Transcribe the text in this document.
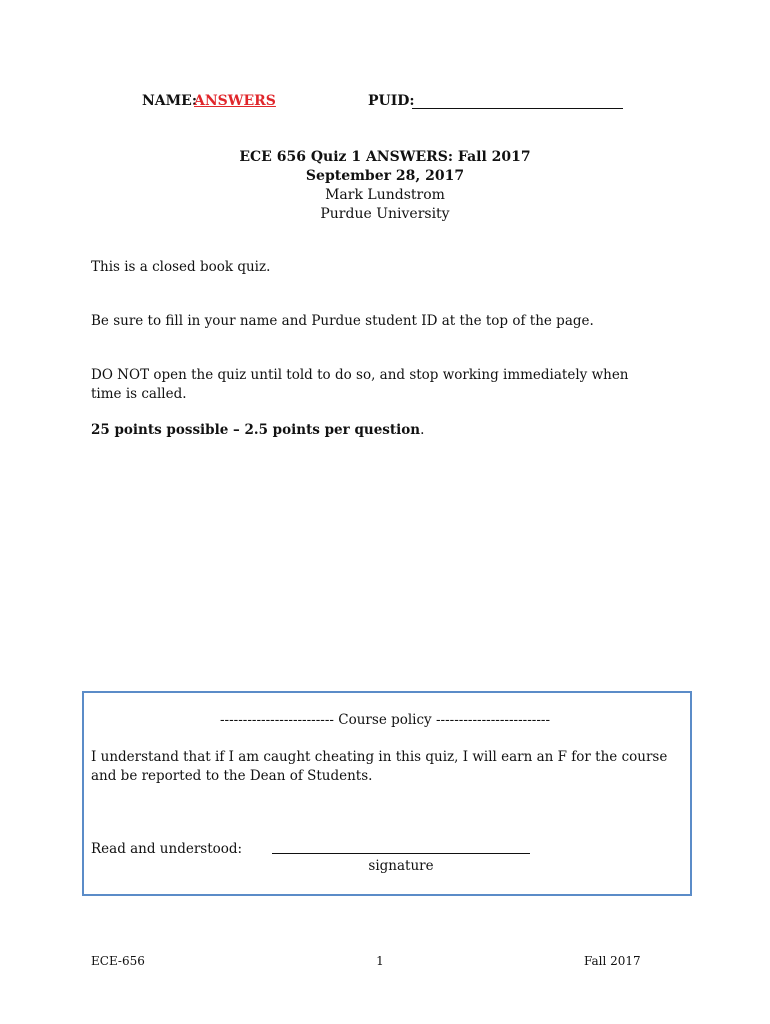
NAME:
ANSWERS	PUID:
ECE 656 Quiz 1 ANSWERS: Fall 2017
September 28, 2017
Mark Lundstrom
Purdue University
This is a closed book quiz.
Be sure to fill in your name and Purdue student ID at the top of the page.
DO NOT open the quiz until told to do so, and stop working immediately when time is called.
25 points possible – 2.5 points per question.
------------------------- Course policy -------------------------
I understand that if I am caught cheating in this quiz, I will earn an F for the course and be reported to the Dean of Students.
Read and understood:
signature
ECE-656	1	Fall 2017
